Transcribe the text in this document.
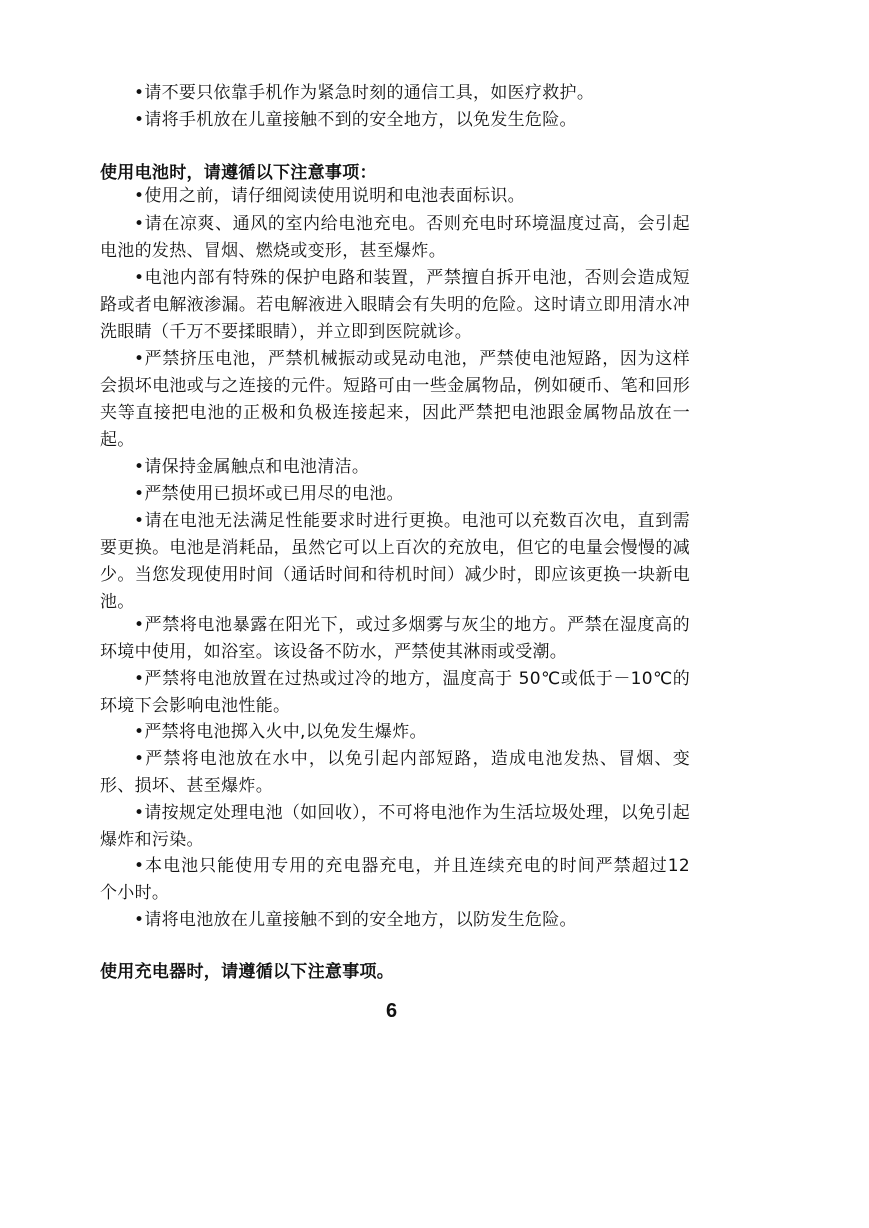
•请不要只依靠手机作为紧急时刻的通信工具，如医疗救护。

•请将手机放在儿童接触不到的安全地方，以免发生危险。

使用电池时，请遵循以下注意事项：

•使用之前，请仔细阅读使用说明和电池表面标识。

•请在凉爽、通风的室内给电池充电。否则充电时环境温度过高，会引起电池的发热、冒烟、燃烧或变形，甚至爆炸。

•电池内部有特殊的保护电路和装置，严禁擅自拆开电池，否则会造成短路或者电解液渗漏。若电解液进入眼睛会有失明的危险。这时请立即用清水冲洗眼睛（千万不要揉眼睛），并立即到医院就诊。

•严禁挤压电池，严禁机械振动或晃动电池，严禁使电池短路，因为这样会损坏电池或与之连接的元件。短路可由一些金属物品，例如硬币、笔和回形夹等直接把电池的正极和负极连接起来，因此严禁把电池跟金属物品放在一起。

•请保持金属触点和电池清洁。

•严禁使用已损坏或已用尽的电池。

•请在电池无法满足性能要求时进行更换。电池可以充数百次电，直到需要更换。电池是消耗品，虽然它可以上百次的充放电，但它的电量会慢慢的减少。当您发现使用时间（通话时间和待机时间）减少时，即应该更换一块新电池。

•严禁将电池暴露在阳光下，或过多烟雾与灰尘的地方。严禁在湿度高的环境中使用，如浴室。该设备不防水，严禁使其淋雨或受潮。

•严禁将电池放置在过热或过冷的地方，温度高于 50℃或低于－10℃的环境下会影响电池性能。

•严禁将电池掷入火中,以免发生爆炸。

•严禁将电池放在水中，以免引起内部短路，造成电池发热、冒烟、变形、损坏、甚至爆炸。

•请按规定处理电池（如回收），不可将电池作为生活垃圾处理，以免引起爆炸和污染。

•本电池只能使用专用的充电器充电，并且连续充电的时间严禁超过12 个小时。

•请将电池放在儿童接触不到的安全地方，以防发生危险。

使用充电器时，请遵循以下注意事项。
6
